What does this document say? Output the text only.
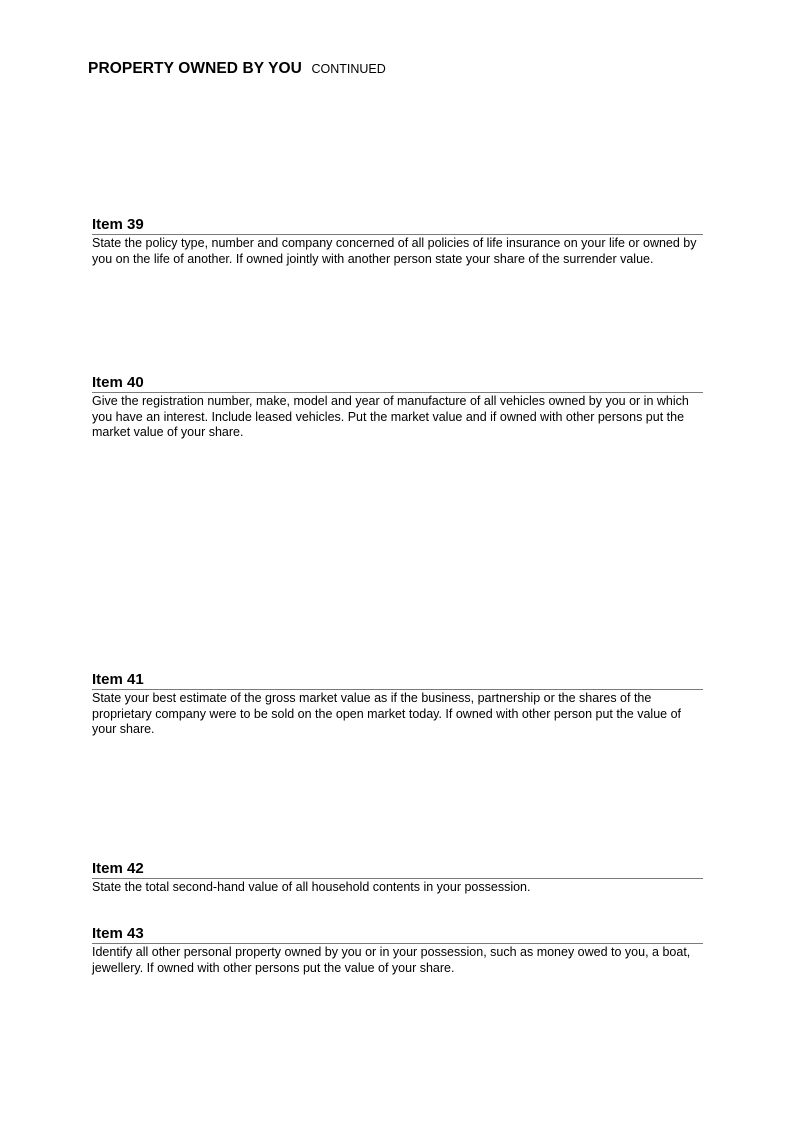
PROPERTY OWNED BY YOU CONTINUED
Item 39
State the policy type, number and company concerned of all policies of life insurance on your life or owned by you on the life of another. If owned jointly with another person state your share of the surrender value.
Item 40
Give the registration number, make, model and year of manufacture of all vehicles owned by you or in which you have an interest. Include leased vehicles. Put the market value and if owned with other persons put the market value of your share.
Item 41
State your best estimate of the gross market value as if the business, partnership or the shares of the proprietary company were to be sold on the open market today. If owned with other person put the value of your share.
Item 42
State the total second-hand value of all household contents in your possession.
Item 43
Identify all other personal property owned by you or in your possession, such as money owed to you, a boat, jewellery. If owned with other persons put the value of your share.
